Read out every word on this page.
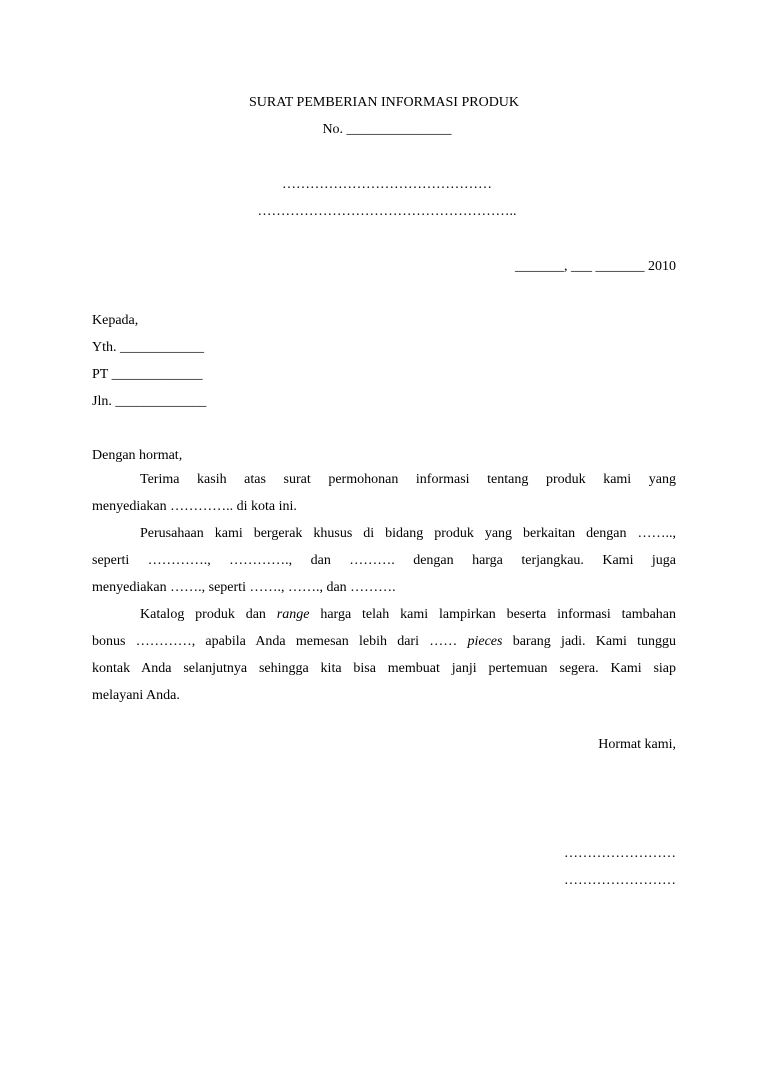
SURAT PEMBERIAN INFORMASI PRODUK
No. _______________
………………………………………
………………………………………………..
_______, ___ _______ 2010
Kepada,
Yth. ____________
PT _____________
Jln. _____________
Dengan hormat,
Terima kasih atas surat permohonan informasi tentang produk kami yang
menyediakan ………….. di kota ini.
Perusahaan kami bergerak khusus di bidang produk yang berkaitan dengan ……..,
seperti …………., …………., dan ………. dengan harga terjangkau. Kami juga
menyediakan ……., seperti ……., ……., dan ……….
Katalog produk dan range harga telah kami lampirkan beserta informasi tambahan
bonus …………, apabila Anda memesan lebih dari …… pieces barang jadi. Kami tunggu
kontak Anda selanjutnya sehingga kita bisa membuat janji pertemuan segera. Kami siap
melayani Anda.
Hormat kami,
……………………
……………………
